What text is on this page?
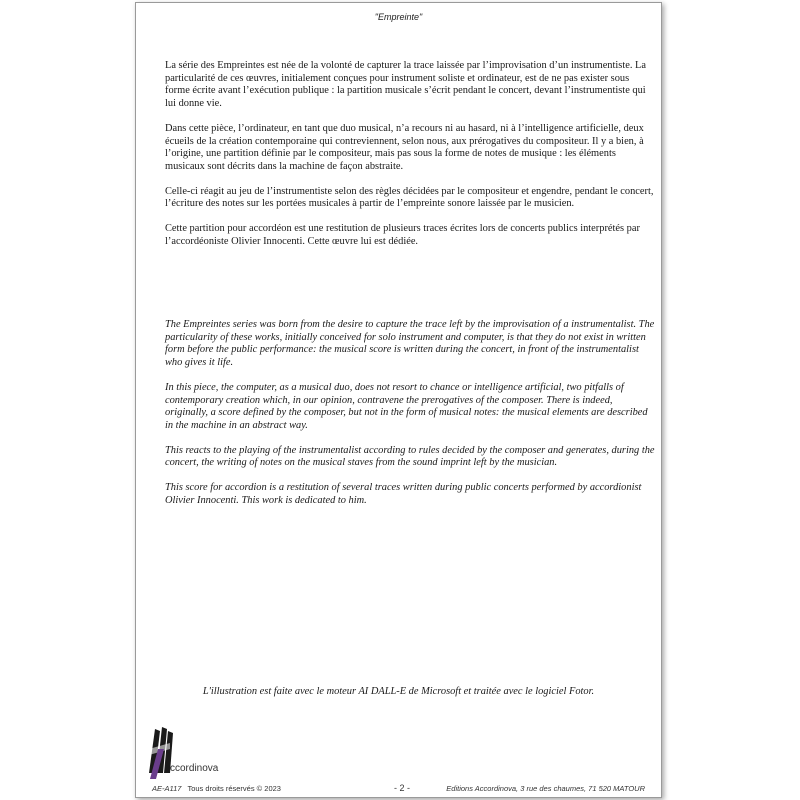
"Empreinte"

La série des Empreintes est née de la volonté de capturer la trace laissée par l’improvisation d’un instrumentiste. La particularité de ces œuvres, initialement conçues pour instrument soliste et ordinateur, est de ne pas exister sous forme écrite avant l’exécution publique : la partition musicale s’écrit pendant le concert, devant l’instrumentiste qui lui donne vie.

Dans cette pièce, l’ordinateur, en tant que duo musical, n’a recours ni au hasard, ni à l’intelligence artificielle, deux écueils de la création contemporaine qui contreviennent, selon nous, aux prérogatives du compositeur. Il y a bien, à l’origine, une partition définie par le compositeur, mais pas sous la forme de notes de musique : les éléments musicaux sont décrits dans la machine de façon abstraite.

Celle-ci réagit au jeu de l’instrumentiste selon des règles décidées par le compositeur et engendre, pendant le concert, l’écriture des notes sur les portées musicales à partir de l’empreinte sonore laissée par le musicien.

Cette partition pour accordéon est une restitution de plusieurs traces écrites lors de concerts publics interprétés par l’accordéoniste Olivier Innocenti. Cette œuvre lui est dédiée.

The Empreintes series was born from the desire to capture the trace left by the improvisation of a instrumentalist. The particularity of these works, initially conceived for solo instrument and computer, is that they do not exist in written form before the public performance: the musical score is written during the concert, in front of the instrumentalist who gives it life.

In this piece, the computer, as a musical duo, does not resort to chance or intelligence artificial, two pitfalls of contemporary creation which, in our opinion, contravene the prerogatives of the composer. There is indeed, originally, a score defined by the composer, but not in the form of musical notes: the musical elements are described in the machine in an abstract way.

This reacts to the playing of the instrumentalist according to rules decided by the composer and generates, during the concert, the writing of notes on the musical staves from the sound imprint left by the musician.

This score for accordion is a restitution of several traces written during public concerts performed by accordionist Olivier Innocenti. This work is dedicated to him.

L'illustration est faite avec le moteur AI DALL-E de Microsoft et traitée avec le logiciel Fotor.
ccordinova
AE-A117 Tous droits réservés © 2023	- 2 -	Editions Accordinova, 3 rue des chaumes, 71 520 MATOUR
